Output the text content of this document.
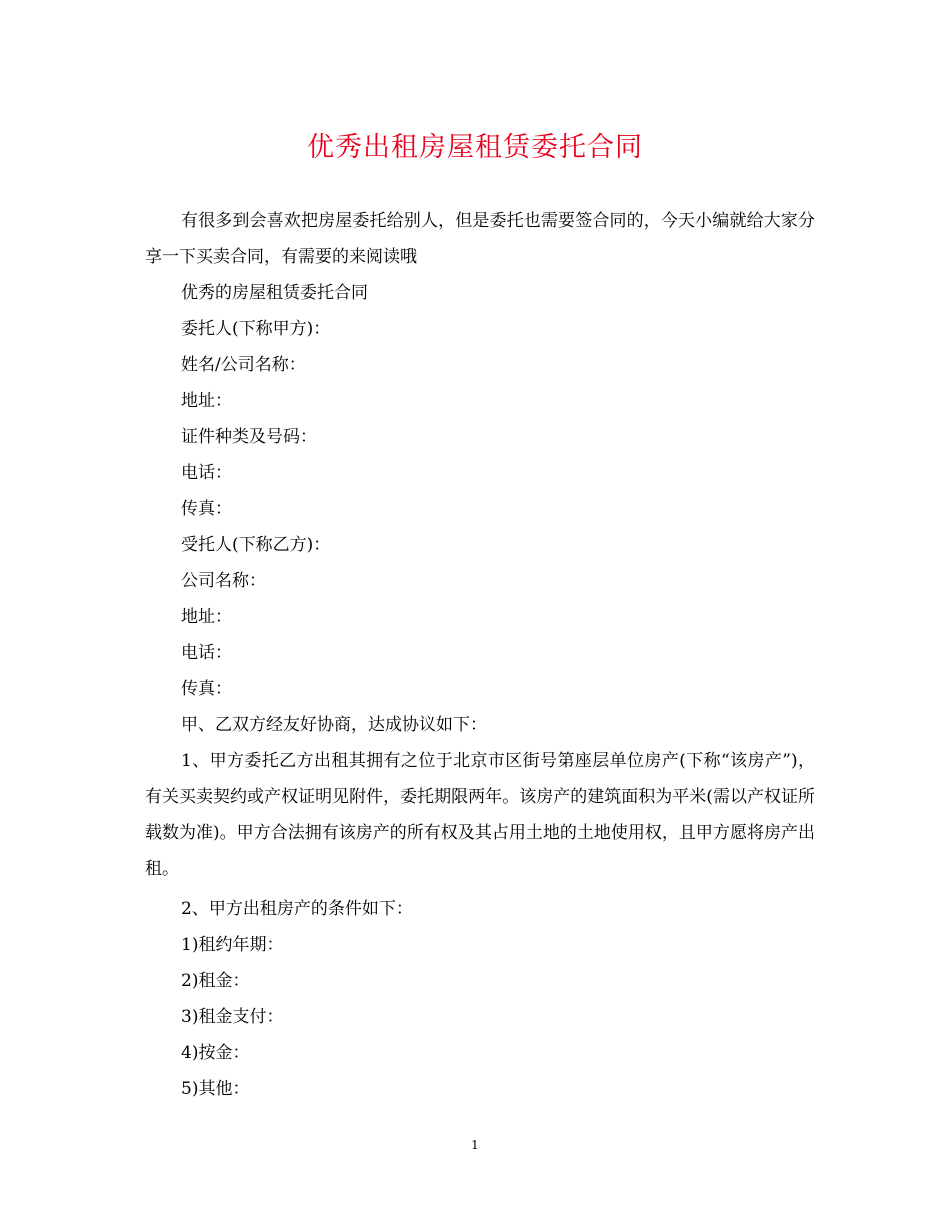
优秀出租房屋租赁委托合同

有很多到会喜欢把房屋委托给别人，但是委托也需要签合同的，今天小编就给大家分享一下买卖合同，有需要的来阅读哦

优秀的房屋租赁委托合同

委托人(下称甲方)：

姓名/公司名称：

地址：

证件种类及号码：

电话：

传真：

受托人(下称乙方)：

公司名称：

地址：

电话：

传真：

甲、乙双方经友好协商，达成协议如下：

1、甲方委托乙方出租其拥有之位于北京市区街号第座层单位房产(下称“该房产”)，有关买卖契约或产权证明见附件，委托期限两年。该房产的建筑面积为平米(需以产权证所载数为准)。甲方合法拥有该房产的所有权及其占用土地的土地使用权，且甲方愿将房产出租。

2、甲方出租房产的条件如下：

1)租约年期：

2)租金：

3)租金支付：

4)按金：

5)其他：

1
